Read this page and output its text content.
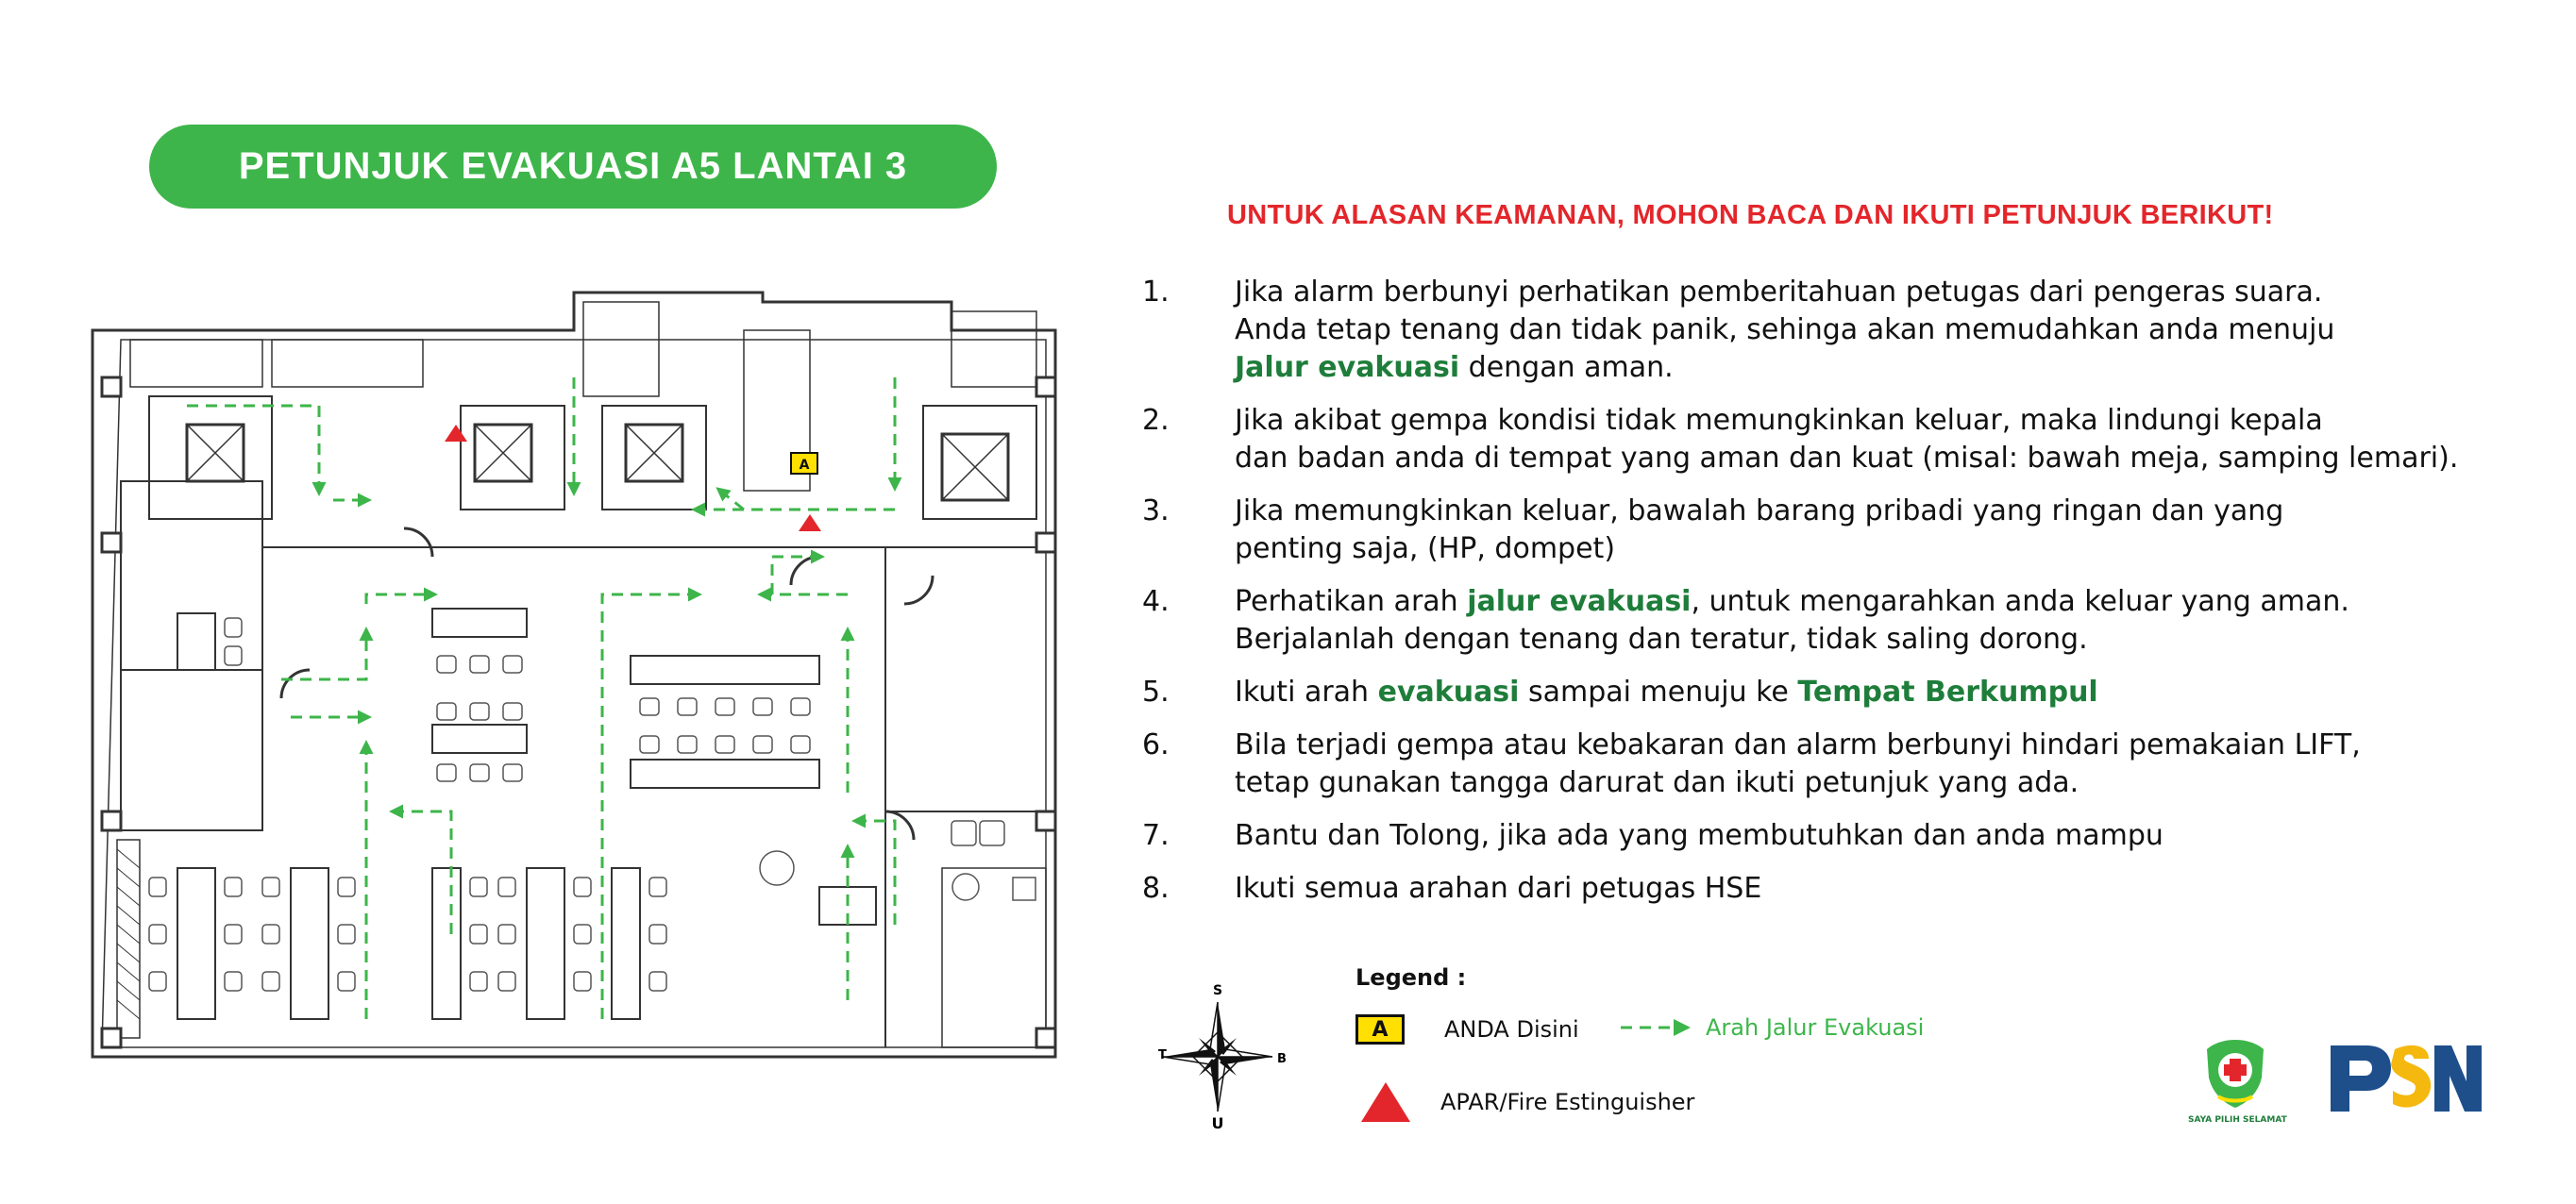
PETUNJUK EVAKUASI A5 LANTAI 3
A
UNTUK ALASAN KEAMANAN, MOHON BACA DAN IKUTI PETUNJUK BERIKUT!
1.	Jika alarm berbunyi perhatikan pemberitahuan petugas dari pengeras suara.
Anda tetap tenang dan tidak panik, sehinga akan memudahkan anda menuju
Jalur evakuasi dengan aman.
2.	Jika akibat gempa kondisi tidak memungkinkan keluar, maka lindungi kepala
dan badan anda di tempat yang aman dan kuat (misal: bawah meja, samping lemari).
3.	Jika memungkinkan keluar, bawalah barang pribadi yang ringan dan yang
penting saja, (HP, dompet)
4.	Perhatikan arah jalur evakuasi, untuk mengarahkan anda keluar yang aman.
Berjalanlah dengan tenang dan teratur, tidak saling dorong.
5.	Ikuti arah evakuasi sampai menuju ke Tempat Berkumpul
6.	Bila terjadi gempa atau kebakaran dan alarm berbunyi hindari pemakaian LIFT,
tetap gunakan tangga darurat dan ikuti petunjuk yang ada.
7.	Bantu dan Tolong, jika ada yang membutuhkan dan anda mampu
8.	Ikuti semua arahan dari petugas HSE
Legend :
A	ANDA Disini	Arah Jalur Evakuasi
APAR/Fire Estinguisher
S
U
T	B
SAYA PILIH SELAMAT
